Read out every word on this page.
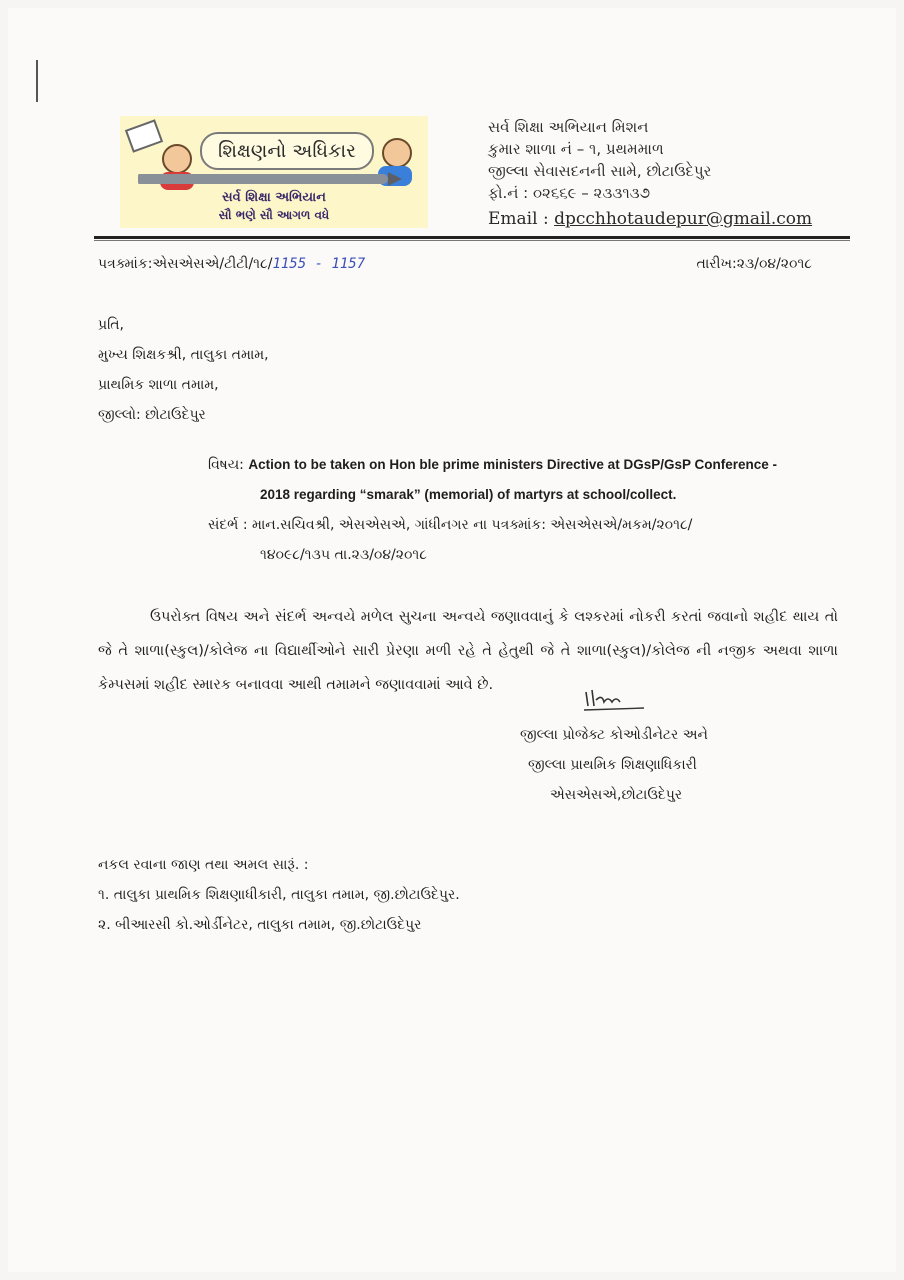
શિક્ષણનો અધિકાર
સર્વ શિક્ષા અભિયાન
સૌ ભણે સૌ આગળ વધે
સર્વ શિક્ષા અભિયાન મિશન
કુમાર શાળા નં – ૧, પ્રથમમાળ
જીલ્લા સેવાસદનની સામે, છોટાઉદેપુર
ફો.નં : ૦૨૬૬૯ – ૨૩૩૧૩૭
Email : dpcchhotaudepur@gmail.com
પત્રક્માંક:એસએસએ/ટીટી/૧૮/1155 - 1157	તારીખ:૨૩/૦૪/૨૦૧૮
પ્રતિ,
મુખ્ય શિક્ષકશ્રી, તાલુકા તમામ,
પ્રાથમિક શાળા તમામ,
જીલ્લો: છોટાઉદેપુર
વિષય: Action to be taken on Hon ble prime ministers Directive at DGsP/GsP Conference -
2018 regarding “smarak” (memorial) of martyrs at school/collect.
સંદર્ભ : માન.સચિવશ્રી, એસએસએ, ગાંધીનગર ના પત્રક્માંક: એસએસએ/મકમ/૨૦૧૮/
૧૪૦૯૮/૧૩૫ તા.૨૩/૦૪/૨૦૧૮
ઉપરોક્ત વિષય અને સંદર્ભ અન્વયે મળેલ સુચના અન્વયે જણાવવાનું કે લશ્કરમાં નોકરી કરતાં જવાનો શહીદ થાય તો જે તે શાળા(સ્કુલ)/કોલેજ ના વિદ્યાર્થીઓને સારી પ્રેરણા મળી રહે તે હેતુથી જે તે શાળા(સ્કુલ)/કોલેજ ની નજીક અથવા શાળા કેમ્પસમાં શહીદ સ્મારક બનાવવા આથી તમામને જણાવવામાં આવે છે.
જીલ્લા પ્રોજેક્ટ કોઓડીનેટર અને
જીલ્લા પ્રાથમિક શિક્ષણાધિકારી
એસએસએ,છોટાઉદેપુર
નકલ રવાના જાણ તથા અમલ સારૂં. :
૧. તાલુકા પ્રાથમિક શિક્ષણાધીકારી, તાલુકા તમામ, જી.છોટાઉદેપુર.
૨. બીઆરસી કો.ઓર્ડીનેટર, તાલુકા તમામ, જી.છોટાઉદેપુર
